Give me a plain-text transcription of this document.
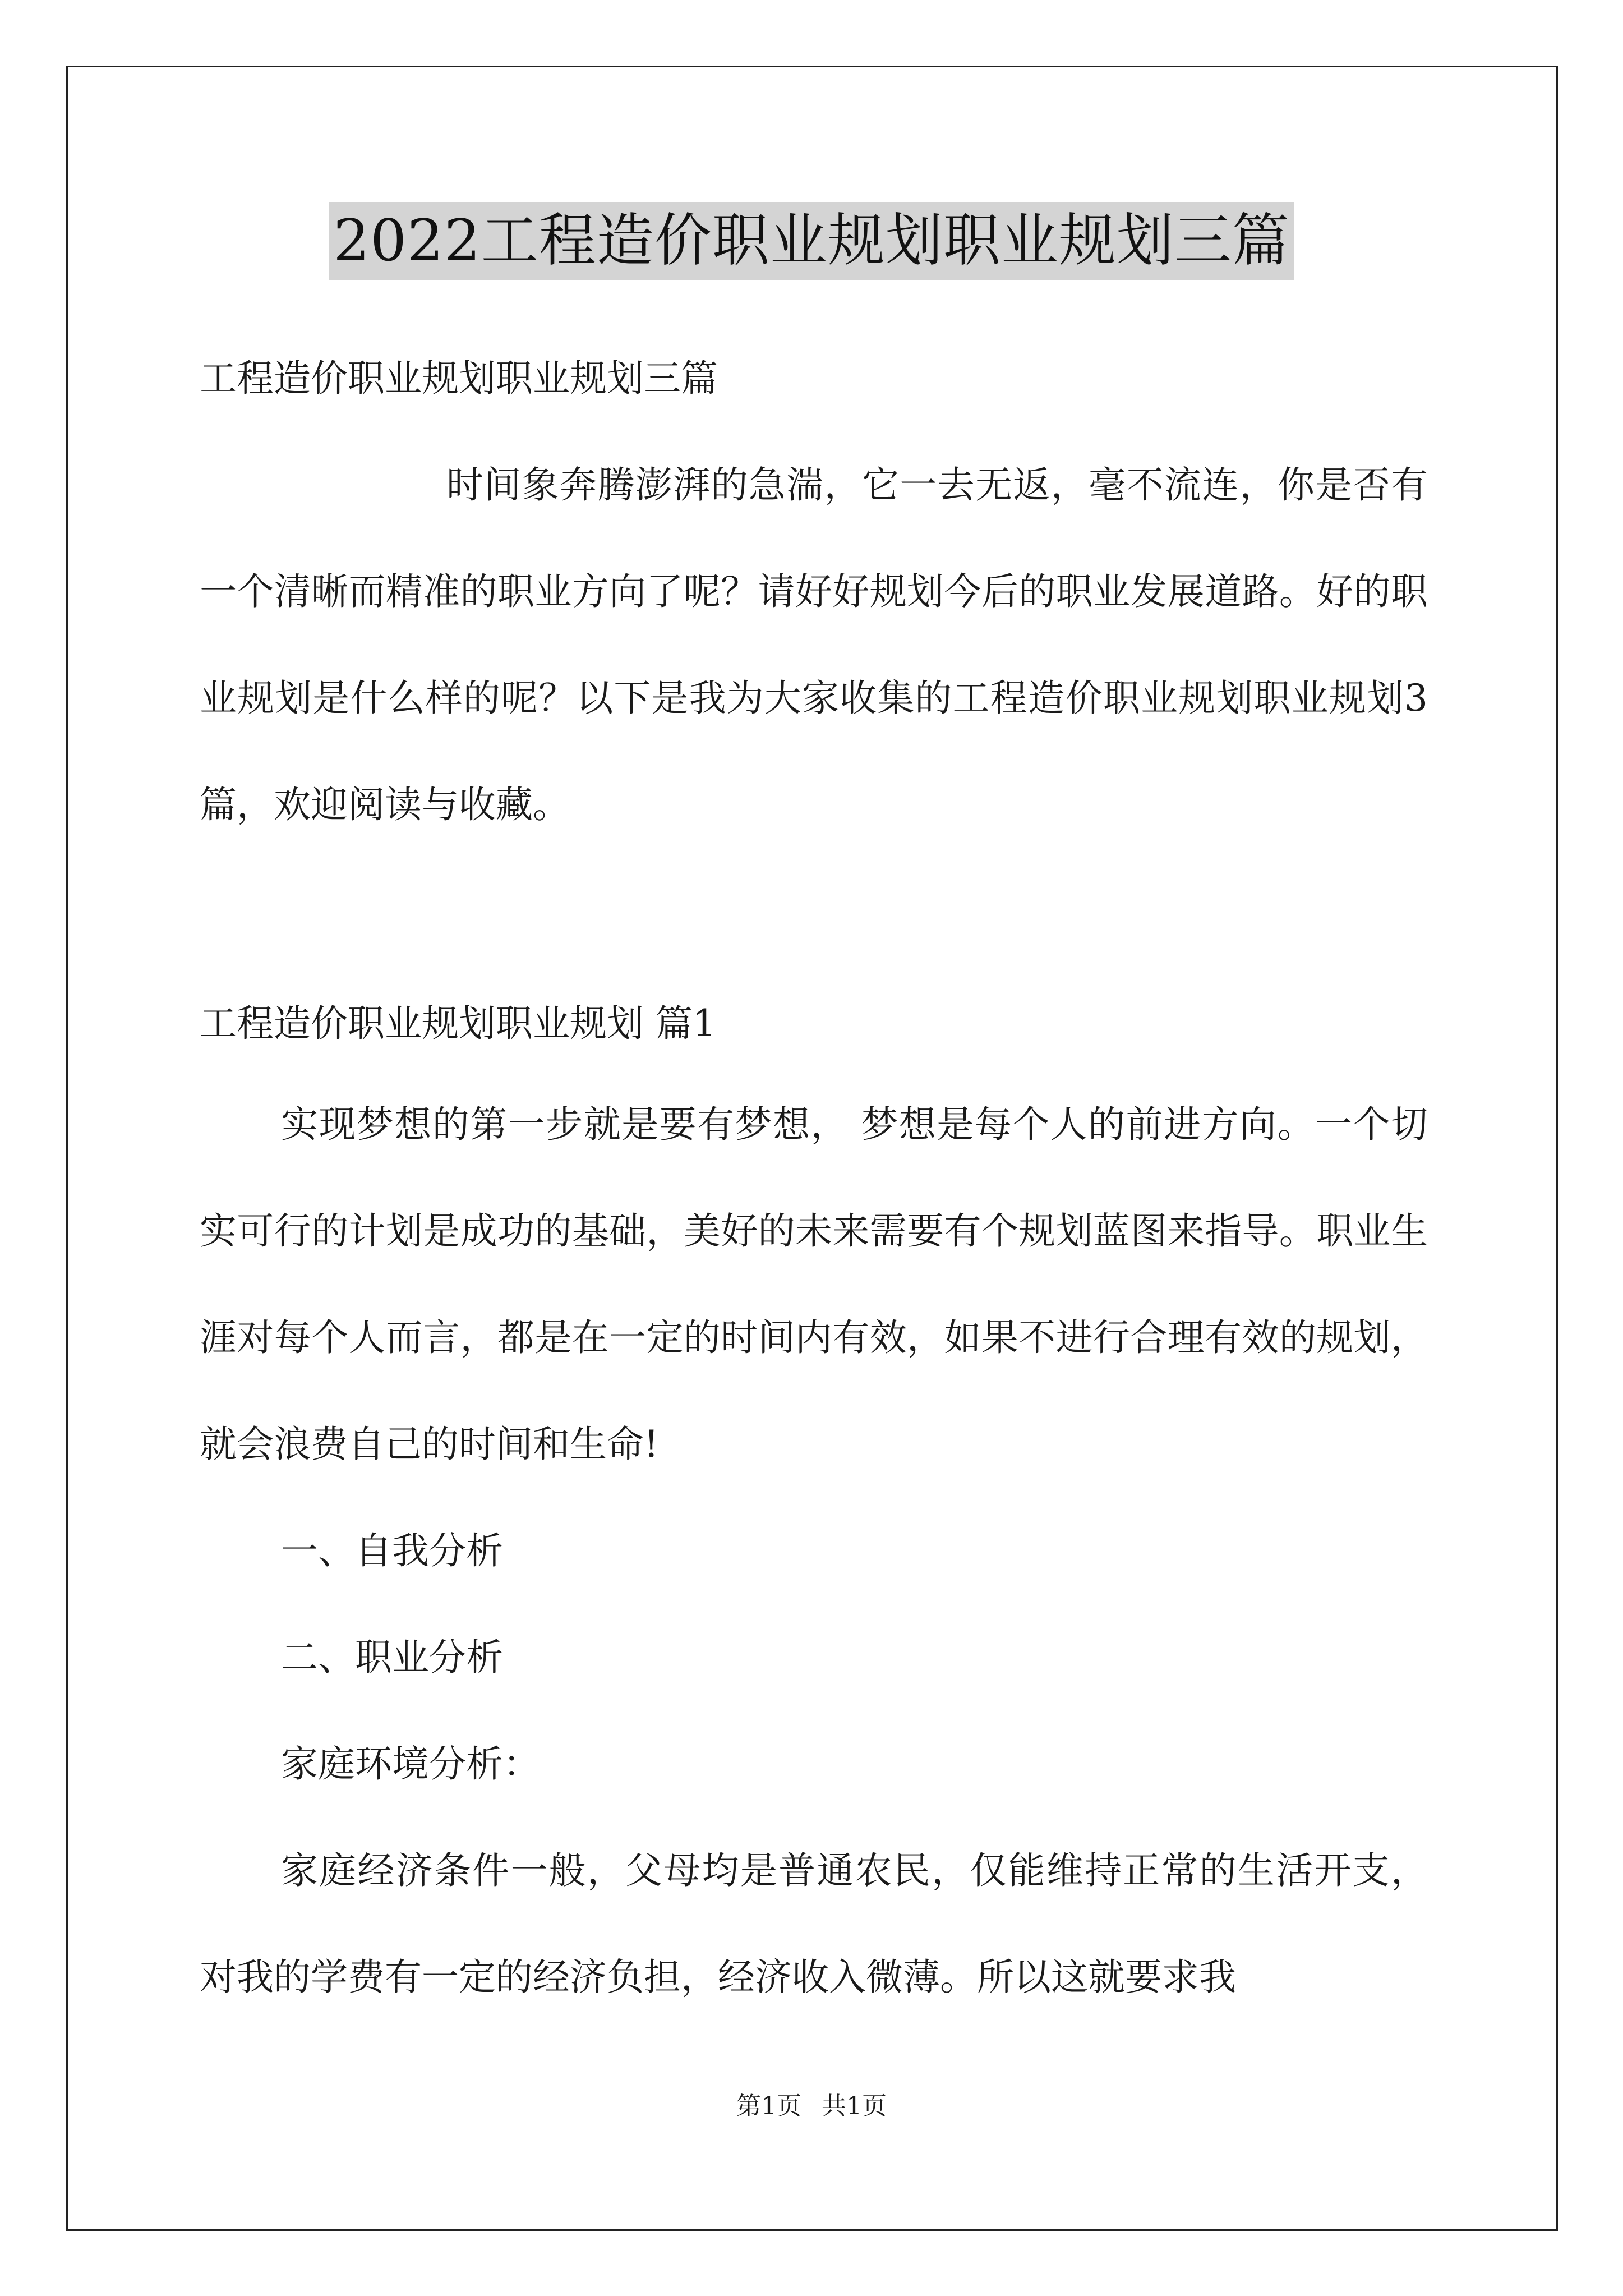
2022工程造价职业规划职业规划三篇
工程造价职业规划职业规划三篇
时间象奔腾澎湃的急湍，它一去无返，毫不流连，你是否有一个清晰而精准的职业方向了呢？请好好规划今后的职业发展道路。好的职业规划是什么样的呢？以下是我为大家收集的工程造价职业规划职业规划3篇，欢迎阅读与收藏。
工程造价职业规划职业规划 篇1
实现梦想的第一步就是要有梦想， 梦想是每个人的前进方向。一个切实可行的计划是成功的基础，美好的未来需要有个规划蓝图来指导。职业生涯对每个人而言，都是在一定的时间内有效，如果不进行合理有效的规划，就会浪费自己的时间和生命!
一、自我分析
二、职业分析
家庭环境分析：
家庭经济条件一般，父母均是普通农民，仅能维持正常的生活开支，对我的学费有一定的经济负担，经济收入微薄。所以这就要求我
第1页 共1页
